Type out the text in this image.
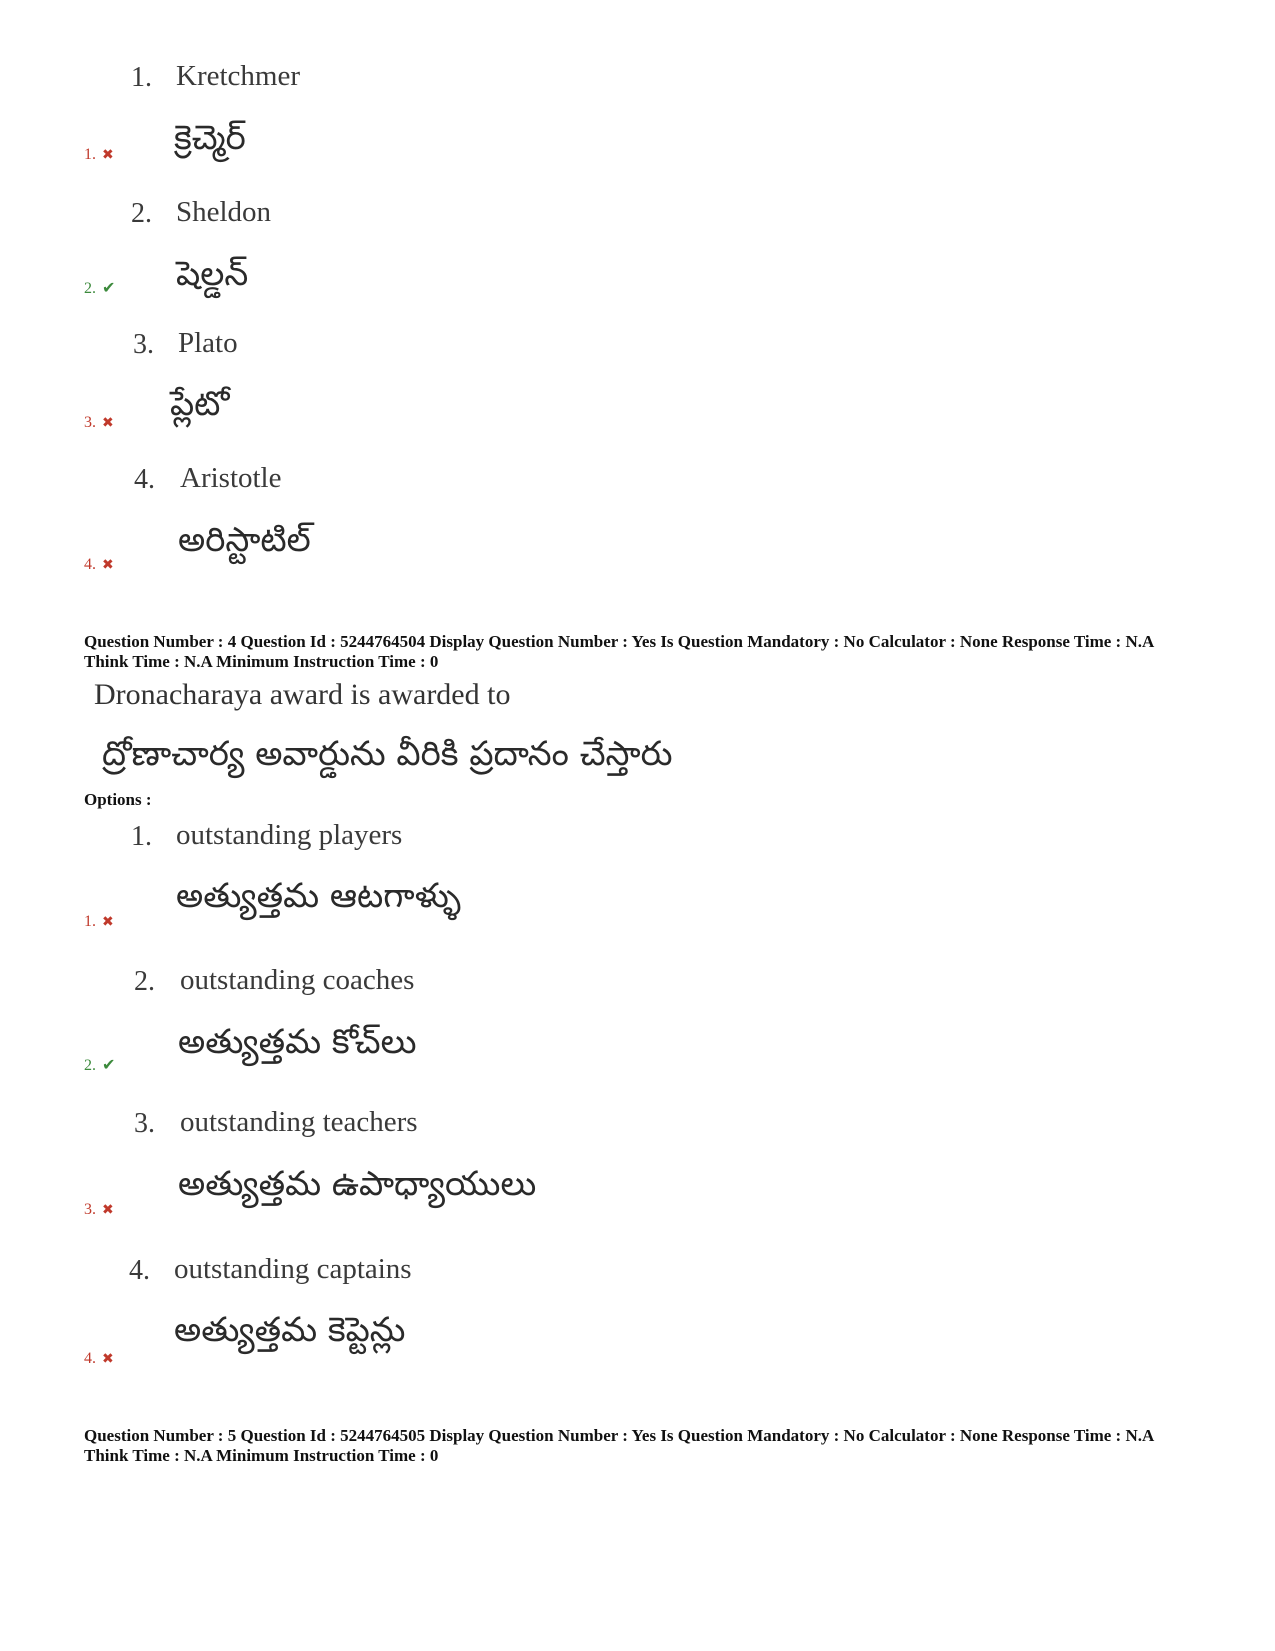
1. Kretchmer
క్రెచ్మెర్
1. ✖
2. Sheldon
షెల్డన్
2. ✔
3. Plato
ప్లేటో
3. ✖
4. Aristotle
అరిస్టాటిల్
4. ✖
Question Number : 4 Question Id : 5244764504 Display Question Number : Yes Is Question Mandatory : No Calculator : None Response Time : N.A Think Time : N.A Minimum Instruction Time : 0
Dronacharaya award is awarded to
ద్రోణాచార్య అవార్డును వీరికి ప్రదానం చేస్తారు
Options :
1. outstanding players
అత్యుత్తమ ఆటగాళ్ళు
1. ✖
2. outstanding coaches
అత్యుత్తమ కోచ్‌లు
2. ✔
3. outstanding teachers
అత్యుత్తమ ఉపాధ్యాయులు
3. ✖
4. outstanding captains
అత్యుత్తమ కెప్టెన్లు
4. ✖
Question Number : 5 Question Id : 5244764505 Display Question Number : Yes Is Question Mandatory : No Calculator : None Response Time : N.A Think Time : N.A Minimum Instruction Time : 0
